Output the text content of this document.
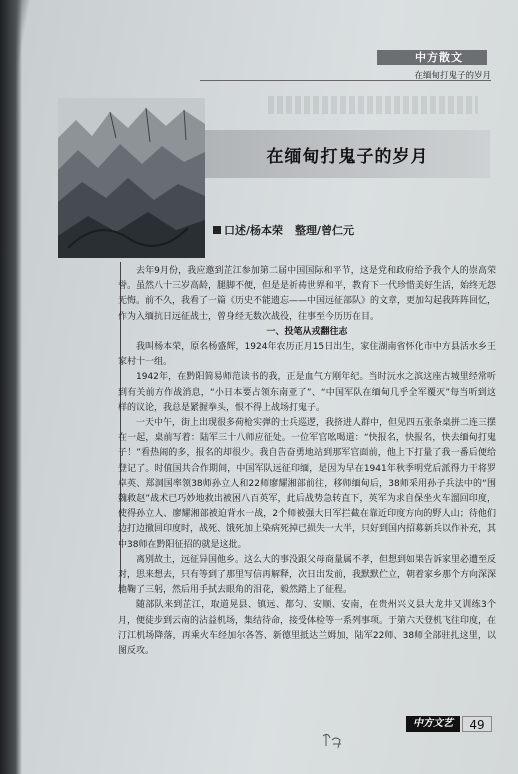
中方散文
在缅甸打鬼子的岁月
在缅甸打鬼子的岁月
口述/杨本荣 整理/曾仁元

去年9月份，我应邀到芷江参加第二届中国国际和平节，这是党和政府给予我个人的崇高荣誉。虽然八十三岁高龄，腿脚不便，但是是祈祷世界和平，教育下一代珍惜美好生活，始终无怨无悔。前不久，我看了一篇《历史不能遗忘——中国远征部队》的文章，更加勾起我阵阵回忆，作为入缅抗日远征战士，曾身经无数次战役，往事至今历历在目。

一、投笔从戎翻往志

我叫杨本荣，原名杨盛辉，1924年农历正月15日出生，家住湖南省怀化市中方县活水乡王家村十一组。

1942年，在黔阳简易师范读书的我，正是血气方刚年纪。当时沅水之滨这座古城里经常听到有关前方作战消息，“小日本要占领东南亚了”、“中国军队在缅甸几乎全军覆灭”每当听到这样的议论，我总是紧握拳头，恨不得上战场打鬼子。

一天中午，街上出现很多荷枪实弹的士兵巡逻，我挤进人群中，但见四五张条桌拼二连三摆在一起，桌前写着：陆军三十八师应征处。一位军官吆喝道：“快报名，快报名，快去缅甸打鬼子！”看热闹的多，报名的却很少。我自告奋勇地站到那军官面前，他上下打量了我一番后便给登记了。时值国共合作期间，中国军队远征印缅，是因为早在1941年秋季明党后派得力干将罗卓英、郑洞国率领38师孙立人和22师廖耀湘部前往，移师缅甸后，38师采用孙子兵法中的“围魏救赵”战术已巧妙地救出被困八百英军，此后战势急转直下，英军为求自保坐火车溜回印度，使得孙立人、廖耀湘部被迫背水一战，2个师被强大日军拦截在靠近印度方向的野人山；待他们边打边撤回印度时，战死、饿死加上染病死掉已损失一大半，只好到国内招募新兵以作补充，其中38师在黔阳征招的就是这批。

离别故土，远征异国他乡。这么大的事没跟父母商量属不孝，但想到如果告诉家里必遭至反对，思来想去，只有等到了那里写信再解释，次日出发前，我默默伫立，朝着家乡那个方向深深地鞠了三躬，然后用手拭去眼角的泪花，毅然踏上了征程。

随部队来到芷江，取道晃县、镇远、都匀、安顺、安南，在贵州兴义县大龙井又训练3个月，便徒步到云南的沾益机场，集结待命，接受体检等一系列事项。于第六天登机飞往印度，在汀江机场降落，再乘火车经加尔各答、新德里抵达兰姆加，陆军22师、38师全部驻扎这里，以图反攻。

中方文艺	49
